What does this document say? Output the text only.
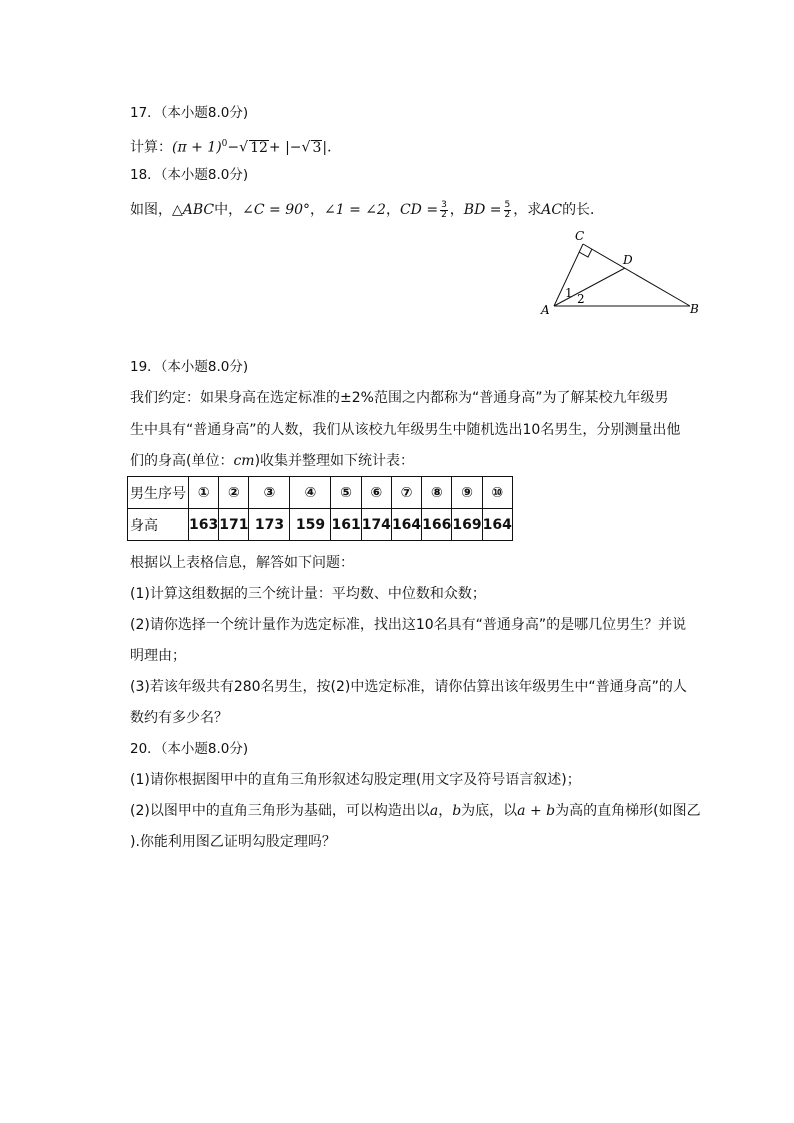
17．（本小题8.0分)
计算：$(\pi + 1)^0-√$ 12+ |−√ 3|．
18．（本小题8.0分)
如图，△ABC中，∠C = 90°，∠1 = ∠2，CD = $\frac{3}{2}$ ，BD = $\frac{5}{2}$ ，求AC的长．
C
D
A	B
1 2
19．（本小题8.0分)
我们约定：如果身高在选定标准的±2%范围之内都称为“普通身高”为了解某校九年级男
生中具有“普通身高”的人数，我们从该校九年级男生中随机选出10名男生，分别测量出他
们的身高(单位：cm)收集并整理如下统计表：
男生序号	①	②	③	④	⑤	⑥	⑦	⑧	⑨	⑩
身高	163	171	173	159	161	174	164	166	169	164
根据以上表格信息，解答如下问题：
(1)计算这组数据的三个统计量：平均数、中位数和众数；
(2)请你选择一个统计量作为选定标准，找出这10名具有“普通身高”的是哪几位男生？并说
明理由；
(3)若该年级共有280名男生，按(2)中选定标准，请你估算出该年级男生中“普通身高”的人
数约有多少名？
20．（本小题8.0分)
(1)请你根据图甲中的直角三角形叙述勾股定理(用文字及符号语言叙述)；
(2)以图甲中的直角三角形为基础，可以构造出以a，b为底，以a + b为高的直角梯形(如图乙
).你能利用图乙证明勾股定理吗？
